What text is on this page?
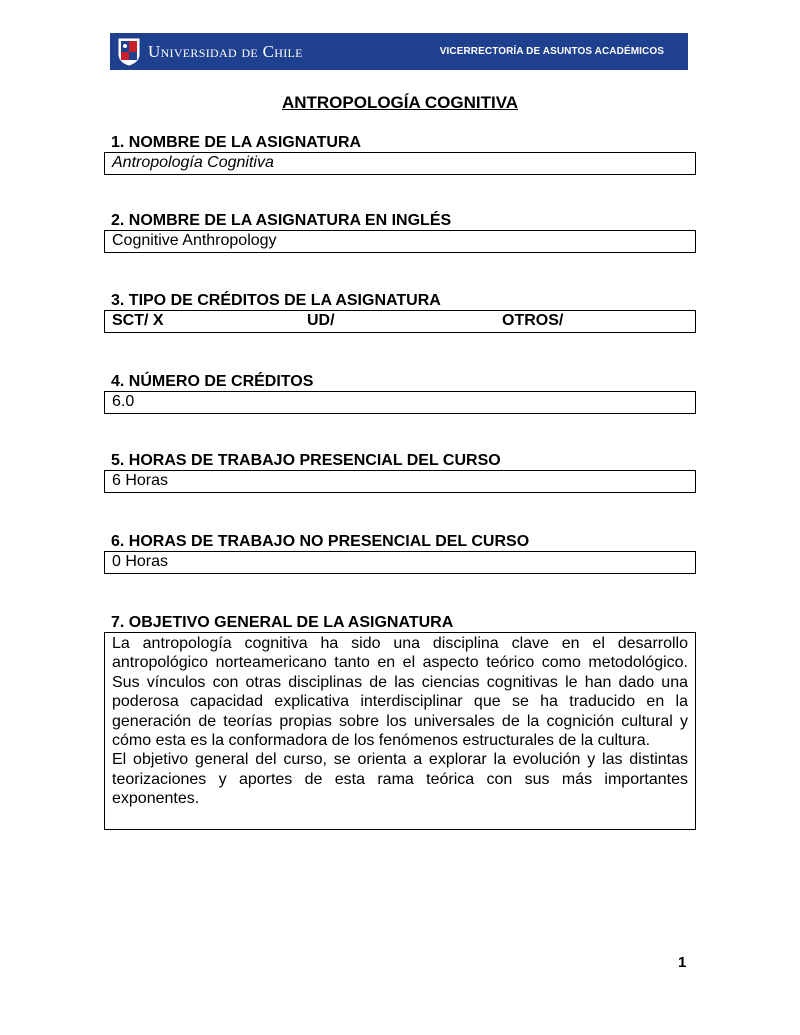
Universidad de Chile	VICERRECTORÍA DE ASUNTOS ACADÉMICOS
ANTROPOLOGÍA COGNITIVA
1. NOMBRE DE LA ASIGNATURA
Antropología Cognitiva
2. NOMBRE DE LA ASIGNATURA EN INGLÉS
Cognitive Anthropology
3. TIPO DE CRÉDITOS DE LA ASIGNATURA
SCT/ X	UD/	OTROS/
4. NÚMERO DE CRÉDITOS
6.0
5. HORAS DE TRABAJO PRESENCIAL DEL CURSO
6 Horas
6. HORAS DE TRABAJO NO PRESENCIAL DEL CURSO
0 Horas
7. OBJETIVO GENERAL DE LA ASIGNATURA

La antropología cognitiva ha sido una disciplina clave en el desarrollo antropológico norteamericano tanto en el aspecto teórico como metodológico. Sus vínculos con otras disciplinas de las ciencias cognitivas le han dado una poderosa capacidad explicativa interdisciplinar que se ha traducido en la generación de teorías propias sobre los universales de la cognición cultural y cómo esta es la conformadora de los fenómenos estructurales de la cultura.

El objetivo general del curso, se orienta a explorar la evolución y las distintas teorizaciones y aportes de esta rama teórica con sus más importantes exponentes.

1
